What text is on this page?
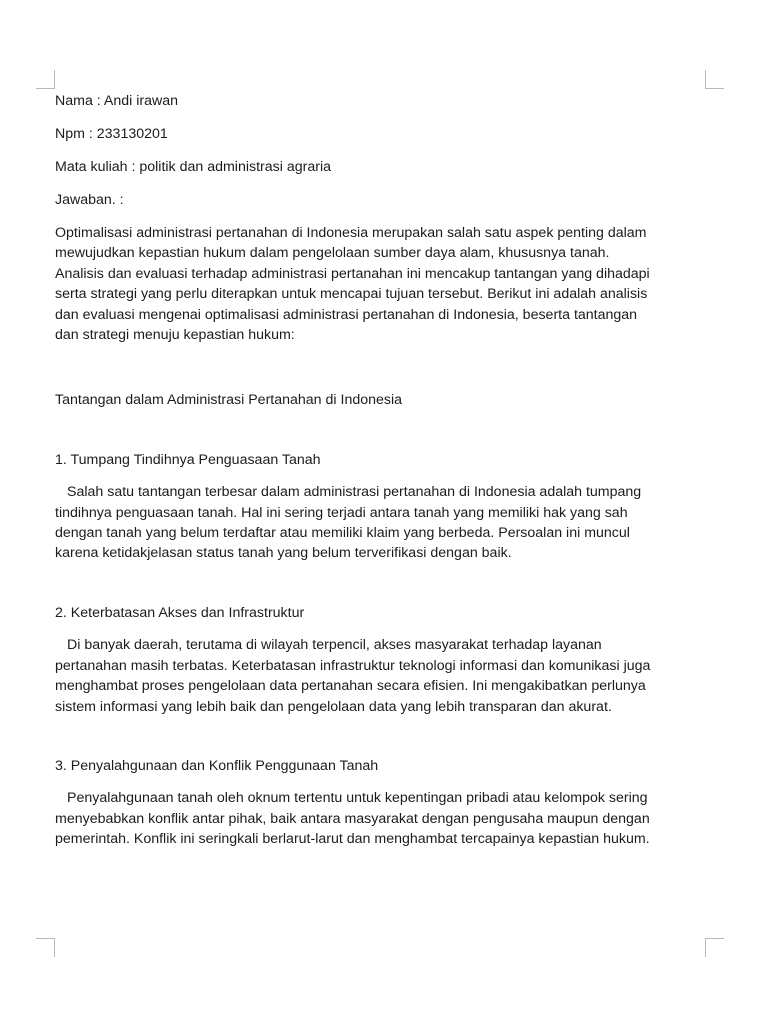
Nama : Andi irawan
Npm : 233130201
Mata kuliah : politik dan administrasi agraria
Jawaban. :
Optimalisasi administrasi pertanahan di Indonesia merupakan salah satu aspek penting dalam
mewujudkan kepastian hukum dalam pengelolaan sumber daya alam, khususnya tanah.
Analisis dan evaluasi terhadap administrasi pertanahan ini mencakup tantangan yang dihadapi
serta strategi yang perlu diterapkan untuk mencapai tujuan tersebut. Berikut ini adalah analisis
dan evaluasi mengenai optimalisasi administrasi pertanahan di Indonesia, beserta tantangan
dan strategi menuju kepastian hukum:
Tantangan dalam Administrasi Pertanahan di Indonesia
1. Tumpang Tindihnya Penguasaan Tanah
Salah satu tantangan terbesar dalam administrasi pertanahan di Indonesia adalah tumpang
tindihnya penguasaan tanah. Hal ini sering terjadi antara tanah yang memiliki hak yang sah
dengan tanah yang belum terdaftar atau memiliki klaim yang berbeda. Persoalan ini muncul
karena ketidakjelasan status tanah yang belum terverifikasi dengan baik.
2. Keterbatasan Akses dan Infrastruktur
Di banyak daerah, terutama di wilayah terpencil, akses masyarakat terhadap layanan
pertanahan masih terbatas. Keterbatasan infrastruktur teknologi informasi dan komunikasi juga
menghambat proses pengelolaan data pertanahan secara efisien. Ini mengakibatkan perlunya
sistem informasi yang lebih baik dan pengelolaan data yang lebih transparan dan akurat.
3. Penyalahgunaan dan Konflik Penggunaan Tanah
Penyalahgunaan tanah oleh oknum tertentu untuk kepentingan pribadi atau kelompok sering
menyebabkan konflik antar pihak, baik antara masyarakat dengan pengusaha maupun dengan
pemerintah. Konflik ini seringkali berlarut-larut dan menghambat tercapainya kepastian hukum.
